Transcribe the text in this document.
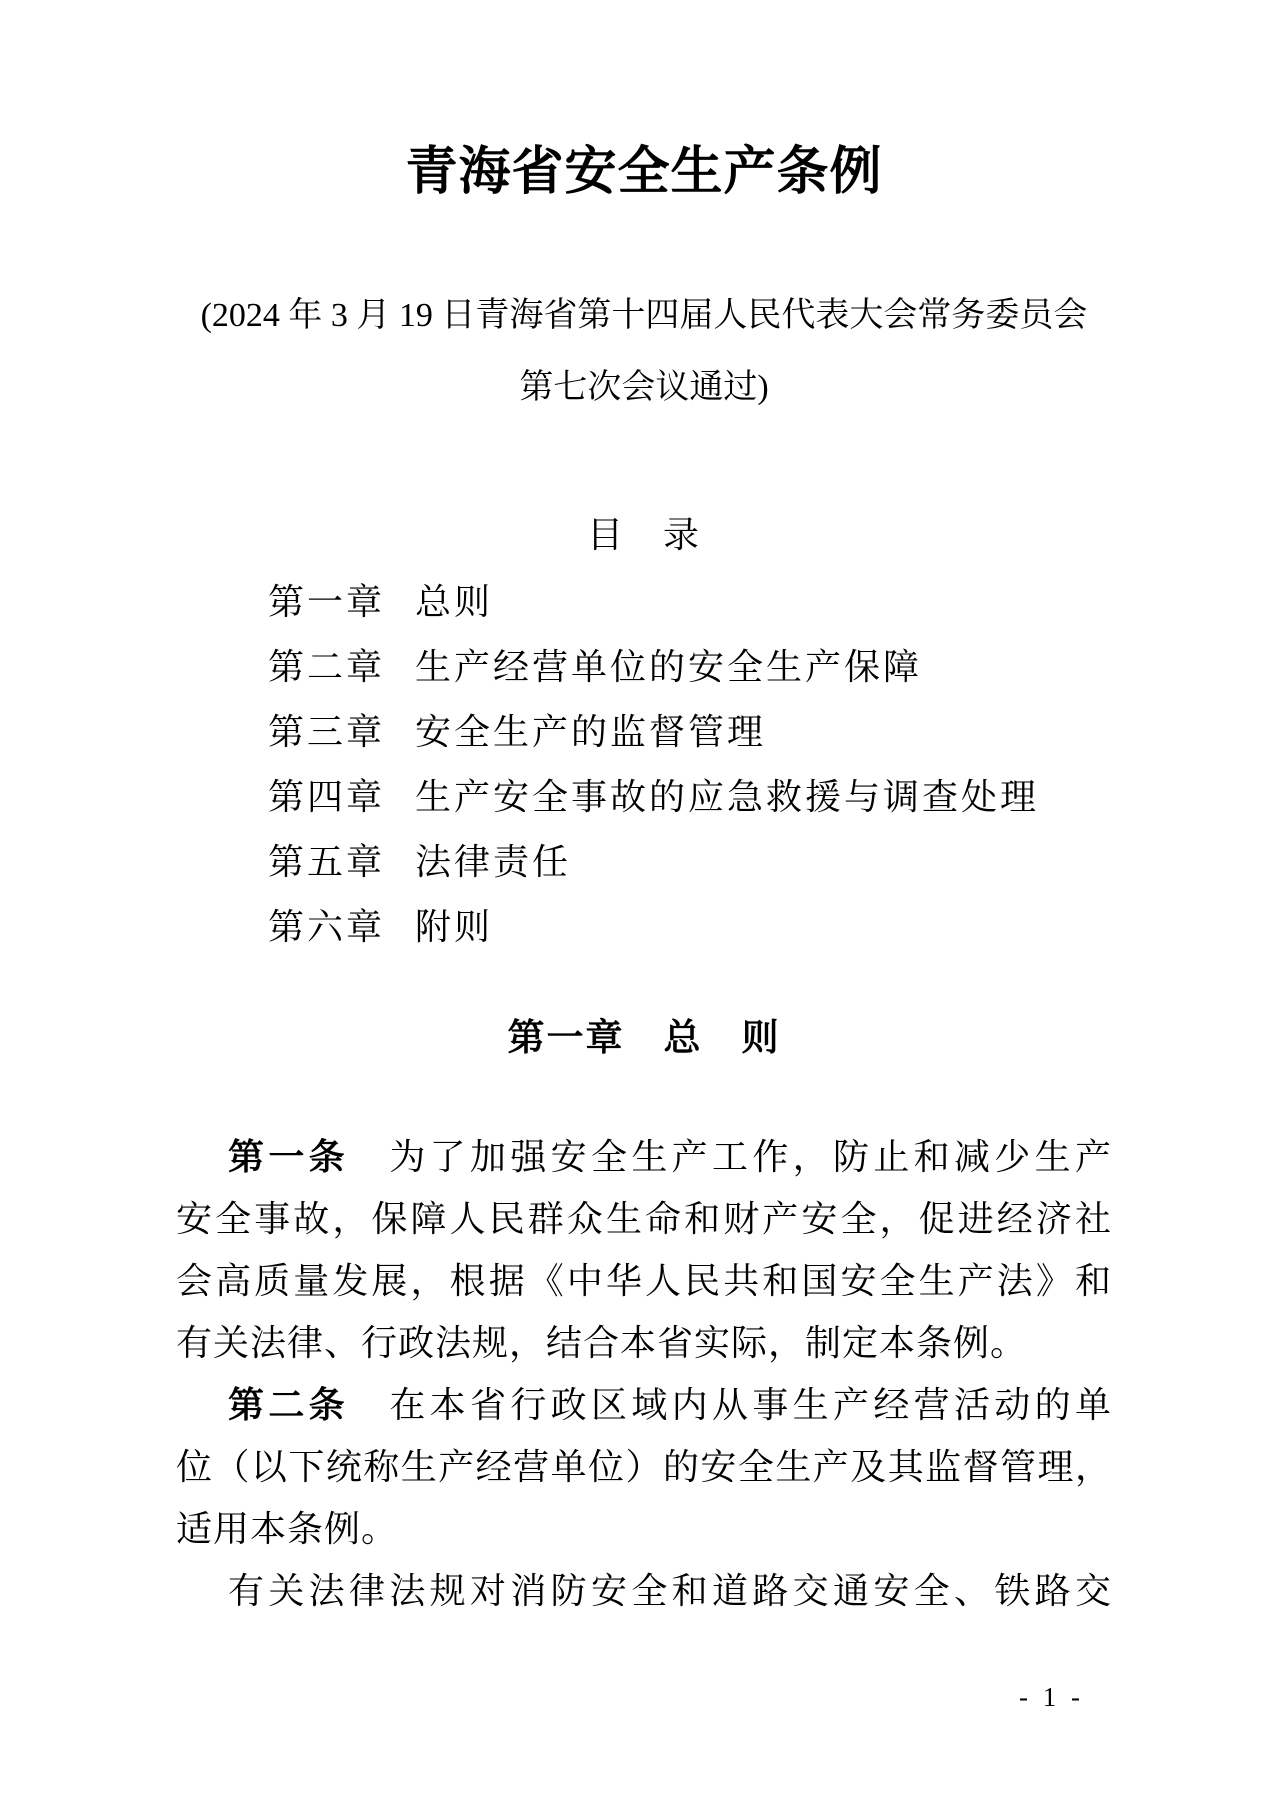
青海省安全生产条例
(2024 年 3 月 19 日青海省第十四届人民代表大会常务委员会
第七次会议通过)
目　录
第一章 总则
第二章 生产经营单位的安全生产保障
第三章 安全生产的监督管理
第四章 生产安全事故的应急救援与调查处理
第五章 法律责任
第六章 附则
第一章　总　则
第一条　为了加强安全生产工作，防止和减少生产
安全事故，保障人民群众生命和财产安全，促进经济社
会高质量发展，根据《中华人民共和国安全生产法》和
有关法律、行政法规，结合本省实际，制定本条例。
第二条　在本省行政区域内从事生产经营活动的单
位（以下统称生产经营单位）的安全生产及其监督管理，
适用本条例。
有关法律法规对消防安全和道路交通安全、铁路交
- 1 -
